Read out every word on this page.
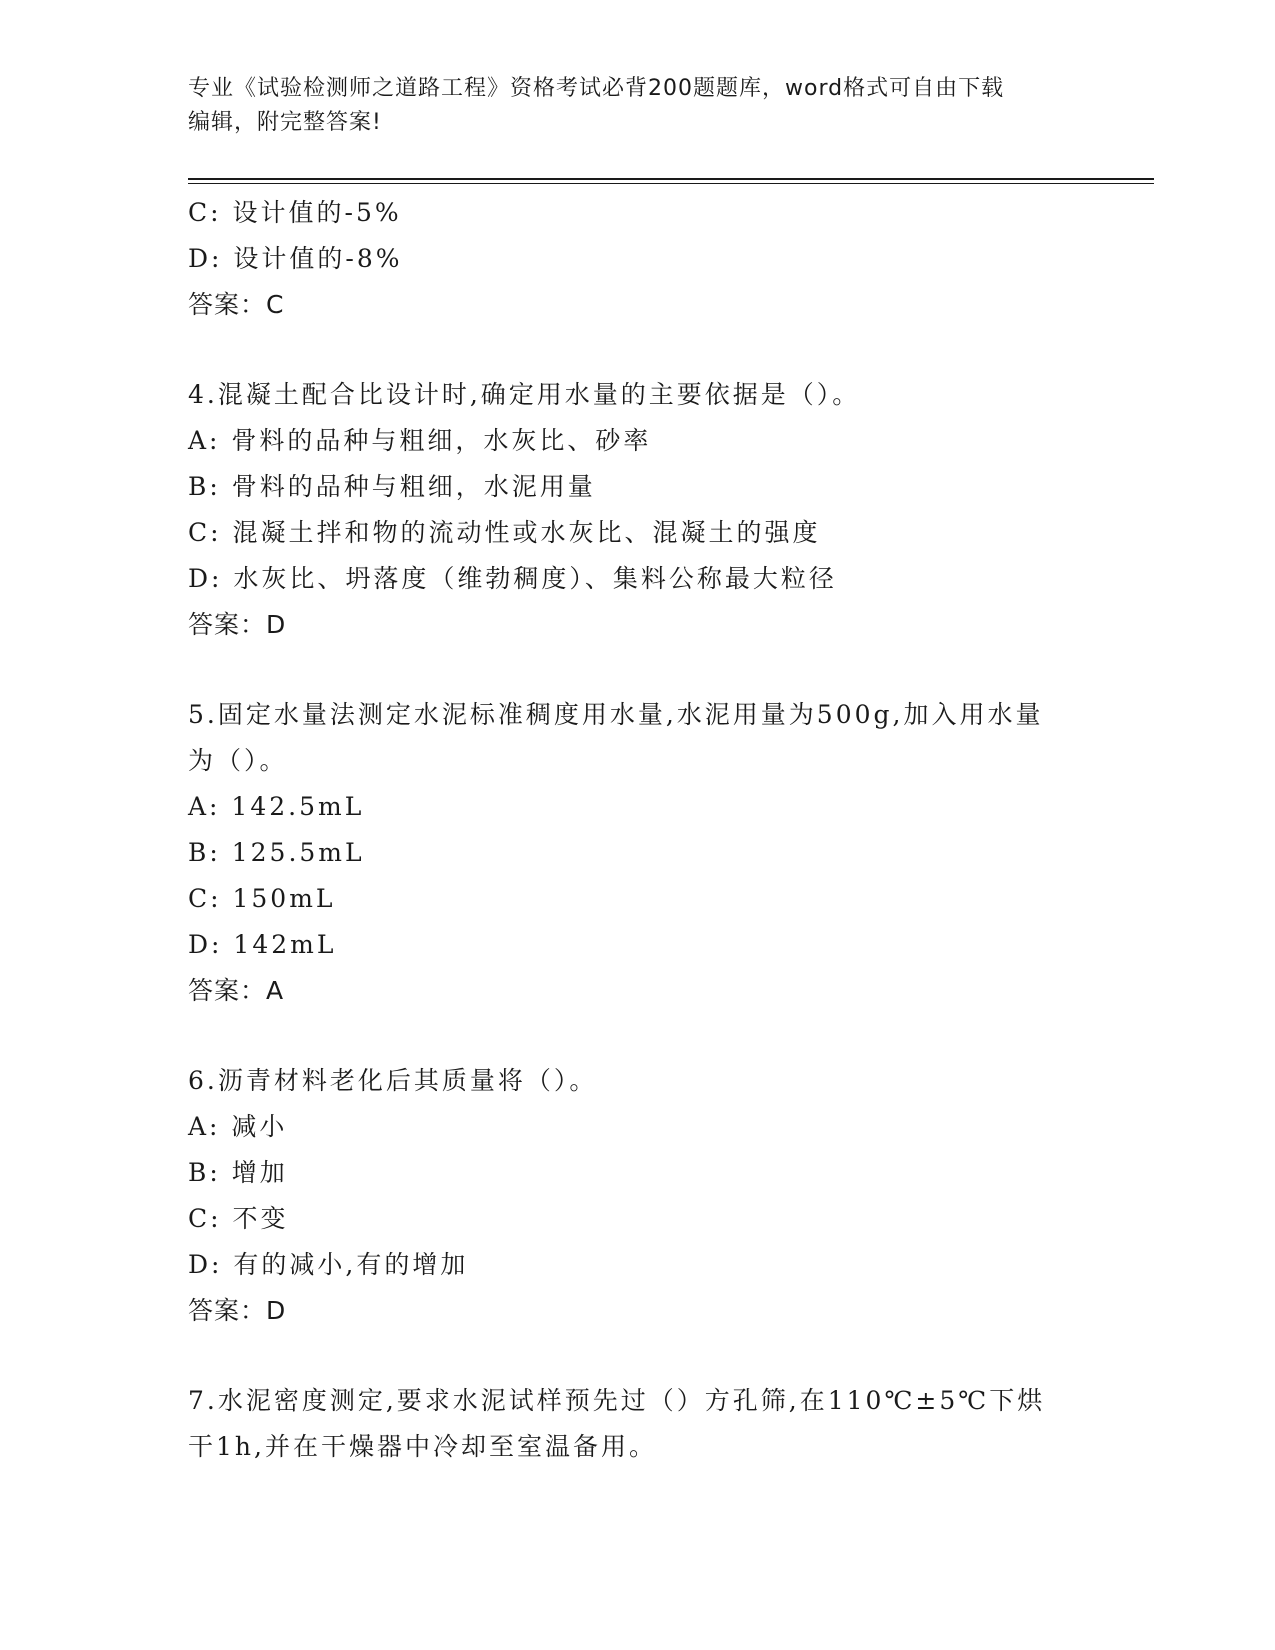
专业《试验检测师之道路工程》资格考试必背200题题库，word格式可自由下载
编辑，附完整答案!
C: 设计值的-5%
D: 设计值的-8%
答案：C
4.混凝土配合比设计时,确定用水量的主要依据是（）。
A: 骨料的品种与粗细，水灰比、砂率
B: 骨料的品种与粗细，水泥用量
C: 混凝土拌和物的流动性或水灰比、混凝土的强度
D: 水灰比、坍落度（维勃稠度）、集料公称最大粒径
答案：D
5.固定水量法测定水泥标准稠度用水量,水泥用量为500g,加入用水量
为（）。
A: 142.5mL
B: 125.5mL
C: 150mL
D: 142mL
答案：A
6.沥青材料老化后其质量将（）。
A: 减小
B: 增加
C: 不变
D: 有的减小,有的增加
答案：D
7.水泥密度测定,要求水泥试样预先过（）方孔筛,在110℃±5℃下烘
干1h,并在干燥器中冷却至室温备用。
